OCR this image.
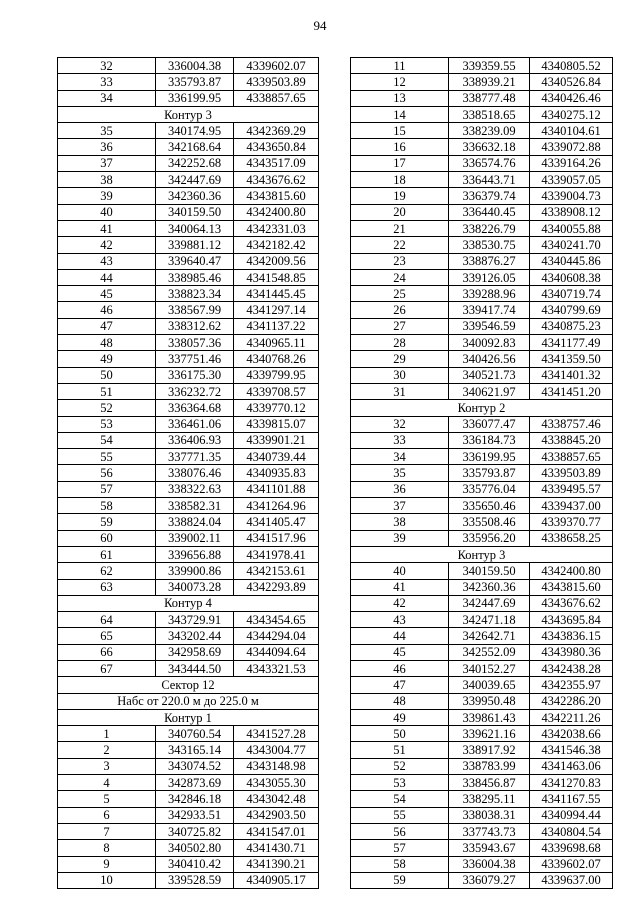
94
32	336004.38	4339602.07
33	335793.87	4339503.89
34	336199.95	4338857.65
Контур 3		
35	340174.95	4342369.29
36	342168.64	4343650.84
37	342252.68	4343517.09
38	342447.69	4343676.62
39	342360.36	4343815.60
40	340159.50	4342400.80
41	340064.13	4342331.03
42	339881.12	4342182.42
43	339640.47	4342009.56
44	338985.46	4341548.85
45	338823.34	4341445.45
46	338567.99	4341297.14
47	338312.62	4341137.22
48	338057.36	4340965.11
49	337751.46	4340768.26
50	336175.30	4339799.95
51	336232.72	4339708.57
52	336364.68	4339770.12
53	336461.06	4339815.07
54	336406.93	4339901.21
55	337771.35	4340739.44
56	338076.46	4340935.83
57	338322.63	4341101.88
58	338582.31	4341264.96
59	338824.04	4341405.47
60	339002.11	4341517.96
61	339656.88	4341978.41
62	339900.86	4342153.61
63	340073.28	4342293.89
Контур 4		
64	343729.91	4343454.65
65	343202.44	4344294.04
66	342958.69	4344094.64
67	343444.50	4343321.53
Сектор 12		
Набс от 220.0 м до 225.0 м		
Контур 1		
1	340760.54	4341527.28
2	343165.14	4343004.77
3	343074.52	4343148.98
4	342873.69	4343055.30
5	342846.18	4343042.48
6	342933.51	4342903.50
7	340725.82	4341547.01
8	340502.80	4341430.71
9	340410.42	4341390.21
10	339528.59	4340905.17
11	339359.55	4340805.52
12	338939.21	4340526.84
13	338777.48	4340426.46
14	338518.65	4340275.12
15	338239.09	4340104.61
16	336632.18	4339072.88
17	336574.76	4339164.26
18	336443.71	4339057.05
19	336379.74	4339004.73
20	336440.45	4338908.12
21	338226.79	4340055.88
22	338530.75	4340241.70
23	338876.27	4340445.86
24	339126.05	4340608.38
25	339288.96	4340719.74
26	339417.74	4340799.69
27	339546.59	4340875.23
28	340092.83	4341177.49
29	340426.56	4341359.50
30	340521.73	4341401.32
31	340621.97	4341451.20
Контур 2		
32	336077.47	4338757.46
33	336184.73	4338845.20
34	336199.95	4338857.65
35	335793.87	4339503.89
36	335776.04	4339495.57
37	335650.46	4339437.00
38	335508.46	4339370.77
39	335956.20	4338658.25
Контур 3		
40	340159.50	4342400.80
41	342360.36	4343815.60
42	342447.69	4343676.62
43	342471.18	4343695.84
44	342642.71	4343836.15
45	342552.09	4343980.36
46	340152.27	4342438.28
47	340039.65	4342355.97
48	339950.48	4342286.20
49	339861.43	4342211.26
50	339621.16	4342038.66
51	338917.92	4341546.38
52	338783.99	4341463.06
53	338456.87	4341270.83
54	338295.11	4341167.55
55	338038.31	4340994.44
56	337743.73	4340804.54
57	335943.67	4339698.68
58	336004.38	4339602.07
59	336079.27	4339637.00
